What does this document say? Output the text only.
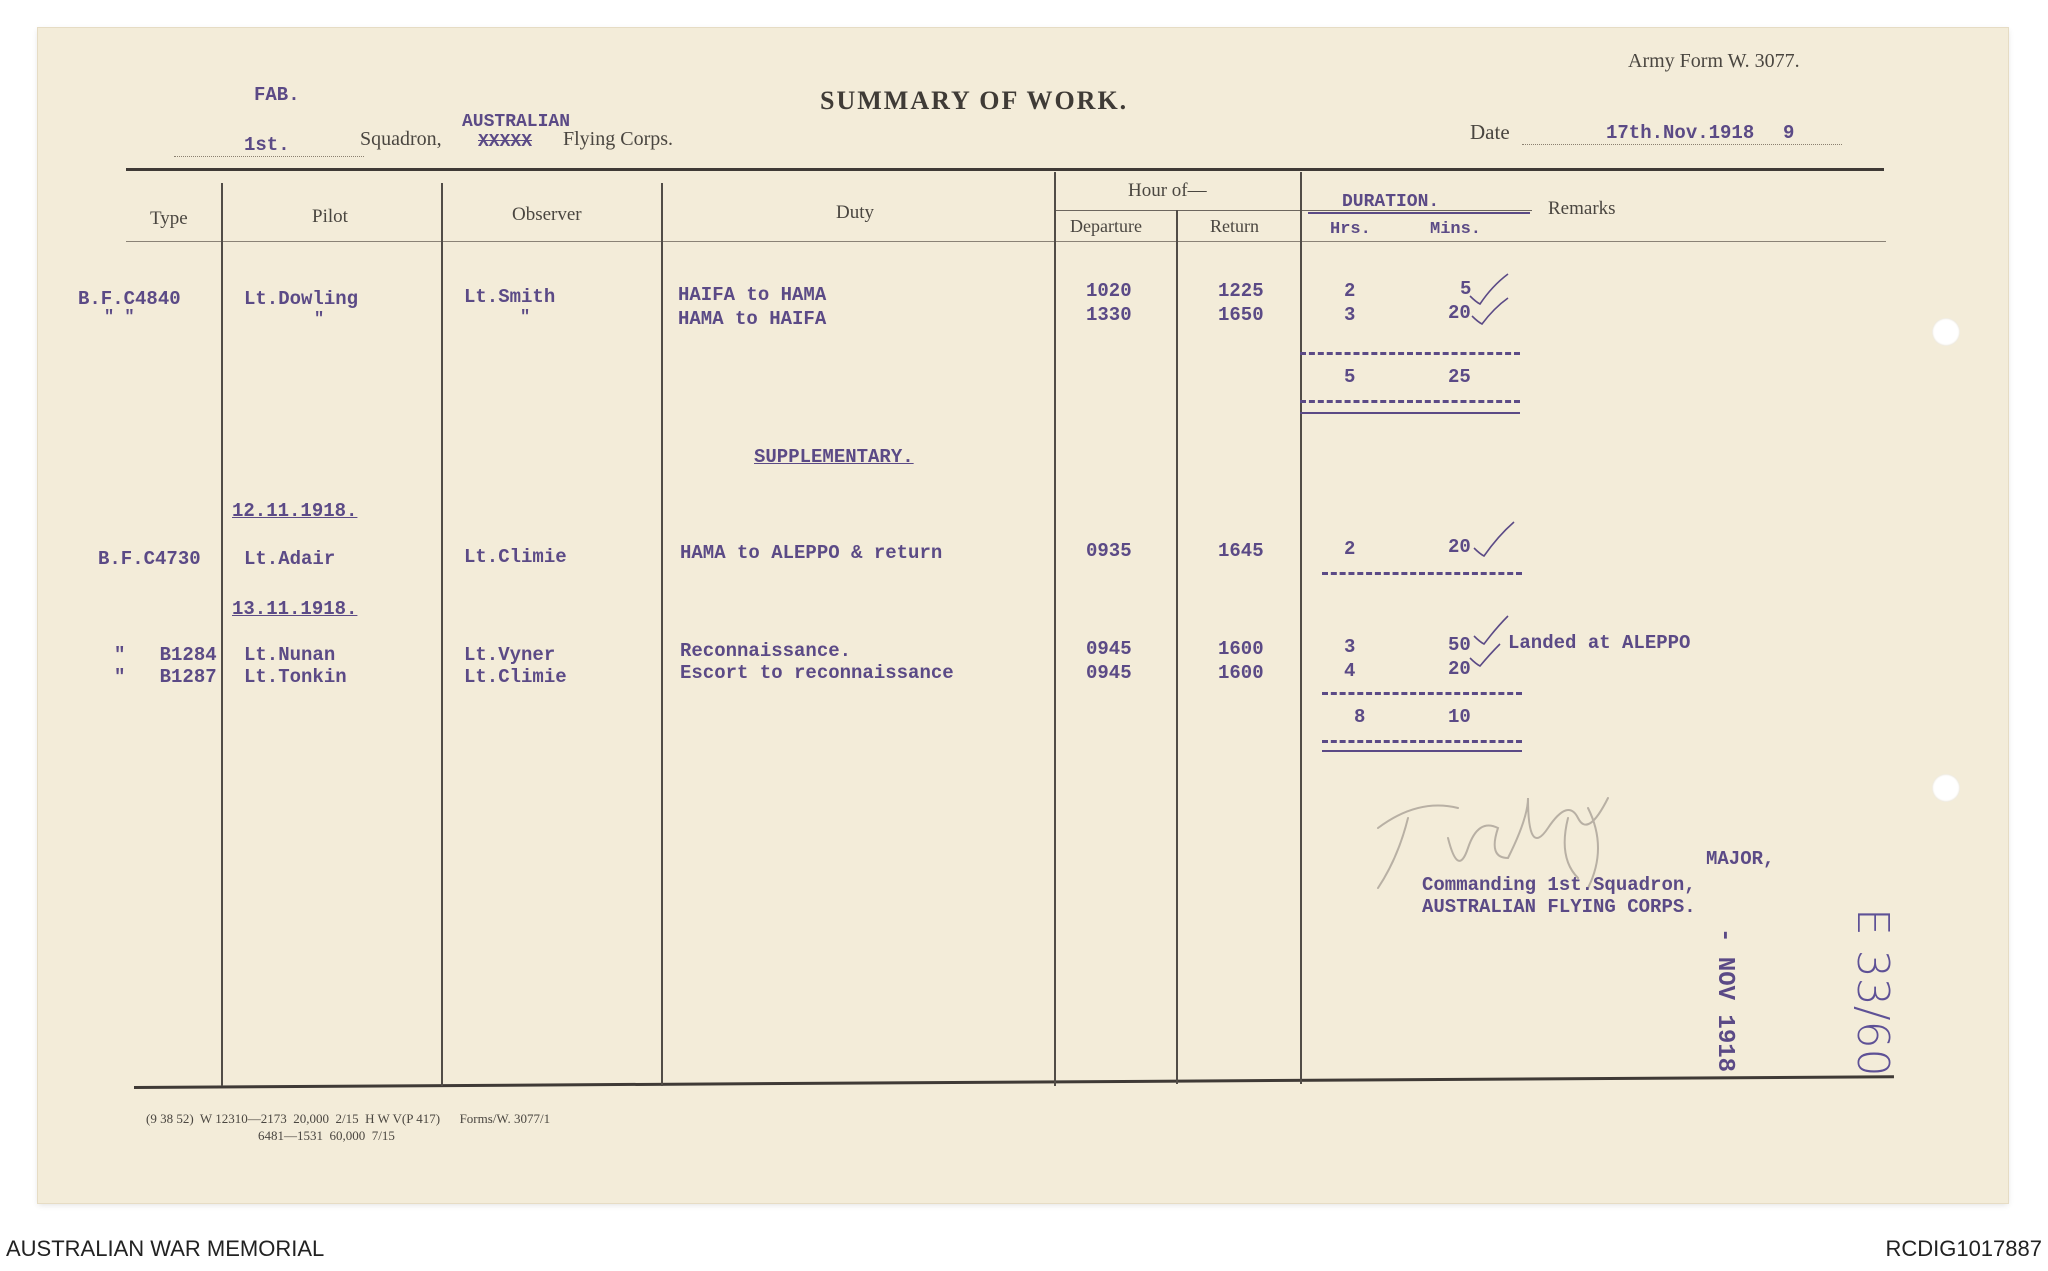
Army Form W. 3077.
FAB.	SUMMARY OF WORK.
1st.	Squadron,
AUSTRALIAN
XXXXX Flying Corps.	Date	17th.Nov.1918 9
Type	Pilot	Observer	Duty
Hour of—
Departure	Return
DURATION.
Hrs.	Mins.
Remarks
B.F.C4840	Lt.Dowling	Lt.Smith	HAIFA to HAMA	1020	1225	2	5
" "	"	"	HAMA to HAIFA	1330	1650	3	20
5	25
SUPPLEMENTARY.
12.11.1918.
B.F.C4730 Lt.Adair	Lt.Climie	HAMA to ALEPPO & return	0935	1645	2	20
13.11.1918.
"   B1284 Lt.Nunan	Lt.Vyner	Reconnaissance.	0945	1600	3	50 Landed at ALEPPO
"   B1287 Lt.Tonkin	Lt.Climie	Escort to reconnaissance	0945	1600	4	20
8	10
MAJOR,
Commanding 1st.Squadron,
AUSTRALIAN FLYING CORPS.
- NOV 1918 E 33/60
(9 38 52)  W 12310—2173  20,000  2/15  H W V(P 417)      Forms/W. 3077/1
6481—1531  60,000  7/15
AUSTRALIAN WAR MEMORIAL	RCDIG1017887
